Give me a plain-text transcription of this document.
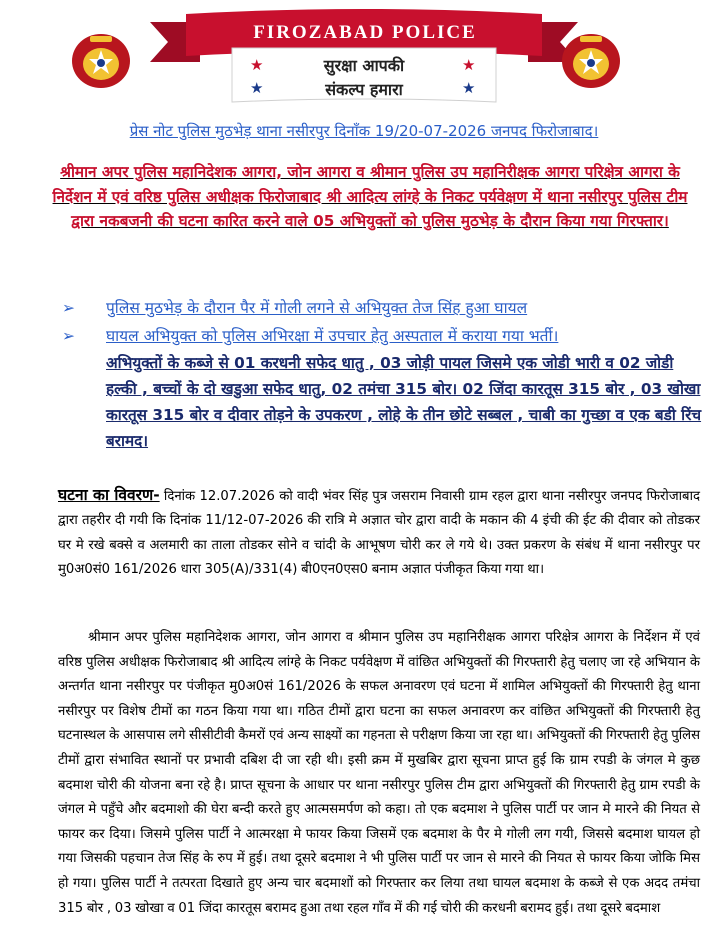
FIROZABAD POLICE
★	★
★	★
सुरक्षा आपकी
संकल्प हमारा
प्रेस नोट पुलिस मुठभेड़ थाना नसीरपुर दिनाँक 19/20-07-2026 जनपद फिरोजाबाद।
श्रीमान अपर पुलिस महानिदेशक आगरा, जोन आगरा व श्रीमान पुलिस उप महानिरीक्षक आगरा परिक्षेत्र आगरा के निर्देशन में एवं वरिष्ठ पुलिस अधीक्षक फिरोजाबाद श्री आदित्य लांग्हे के निकट पर्यवेक्षण में थाना नसीरपुर पुलिस टीम द्वारा नकबजनी की घटना कारित करने वाले 05 अभियुक्तों को पुलिस मुठभेड़ के दौरान किया गया गिरफ्तार।
➢ पुलिस मुठभेड़ के दौरान पैर में गोली लगने से अभियुक्त तेज सिंह हुआ घायल
➢ घायल अभियुक्त को पुलिस अभिरक्षा में उपचार हेतु अस्पताल में कराया गया भर्ती।
अभियुक्तों के कब्जे से 01 करधनी सफेद धातु , 03 जोड़ी पायल जिसमे एक जोडी भारी व 02 जोडी हल्की , बच्चों के दो खडुआ सफेद धातु, 02 तमंचा 315 बोर। 02 जिंदा कारतूस 315 बोर , 03 खोखा कारतूस 315 बोर व दीवार तोड़ने के उपकरण , लोहे के तीन छोटे सब्बल , चाबी का गुच्छा व एक बडी रिंच बरामद।
घटना का विवरण- दिनांक 12.07.2026 को वादी भंवर सिंह पुत्र जसराम निवासी ग्राम रहल द्वारा थाना नसीरपुर जनपद फिरोजाबाद द्वारा तहरीर दी गयी कि दिनांक 11/12-07-2026 की रात्रि मे अज्ञात चोर द्वारा वादी के मकान की 4 इंची की ईट की दीवार को तोडकर घर मे रखे बक्से व अलमारी का ताला तोडकर सोने व चांदी के आभूषण चोरी कर ले गये थे। उक्त प्रकरण के संबंध में थाना नसीरपुर पर मु0अ0सं0 161/2026 धारा 305(A)/331(4) बी0एन0एस0 बनाम अज्ञात पंजीकृत किया गया था।
श्रीमान अपर पुलिस महानिदेशक आगरा, जोन आगरा व श्रीमान पुलिस उप महानिरीक्षक आगरा परिक्षेत्र आगरा के निर्देशन में एवं वरिष्ठ पुलिस अधीक्षक फिरोजाबाद श्री आदित्य लांग्हे के निकट पर्यवेक्षण में वांछित अभियुक्तों की गिरफ्तारी हेतु चलाए जा रहे अभियान के अन्तर्गत थाना नसीरपुर पर पंजीकृत मु0अ0सं 161/2026 के सफल अनावरण एवं घटना में शामिल अभियुक्तों की गिरफ्तारी हेतु थाना नसीरपुर पर विशेष टीमों का गठन किया गया था। गठित टीमों द्वारा घटना का सफल अनावरण कर वांछित अभियुक्तों की गिरफ्तारी हेतु घटनास्थल के आसपास लगे सीसीटीवी कैमरों एवं अन्य साक्ष्यों का गहनता से परीक्षण किया जा रहा था। अभियुक्तों की गिरफ्तारी हेतु पुलिस टीमों द्वारा संभावित स्थानों पर प्रभावी दबिश दी जा रही थी। इसी क्रम में मुखबिर द्वारा सूचना प्राप्त हुई कि ग्राम रपडी के जंगल मे कुछ बदमाश चोरी की योजना बना रहे है। प्राप्त सूचना के आधार पर थाना नसीरपुर पुलिस टीम द्वारा अभियुक्तों की गिरफ्तारी हेतु ग्राम रपडी के जंगल मे पहुँचे और बदमाशो की घेरा बन्दी करते हुए आत्मसमर्पण को कहा। तो एक बदमाश ने पुलिस पार्टी पर जान मे मारने की नियत से फायर कर दिया। जिसमे पुलिस पार्टी ने आत्मरक्षा मे फायर किया जिसमें एक बदमाश के पैर मे गोली लग गयी, जिससे बदमाश घायल हो गया जिसकी पहचान तेज सिंह के रुप में हुई। तथा दूसरे बदमाश ने भी पुलिस पार्टी पर जान से मारने की नियत से फायर किया जोकि मिस हो गया। पुलिस पार्टी ने तत्परता दिखाते हुए अन्य चार बदमाशों को गिरफ्तार कर लिया तथा घायल बदमाश के कब्जे से एक अदद तमंचा 315 बोर , 03 खोखा व 01 जिंदा कारतूस बरामद हुआ तथा रहल गाँव में की गई चोरी की करधनी बरामद हुई। तथा दूसरे बदमाश
